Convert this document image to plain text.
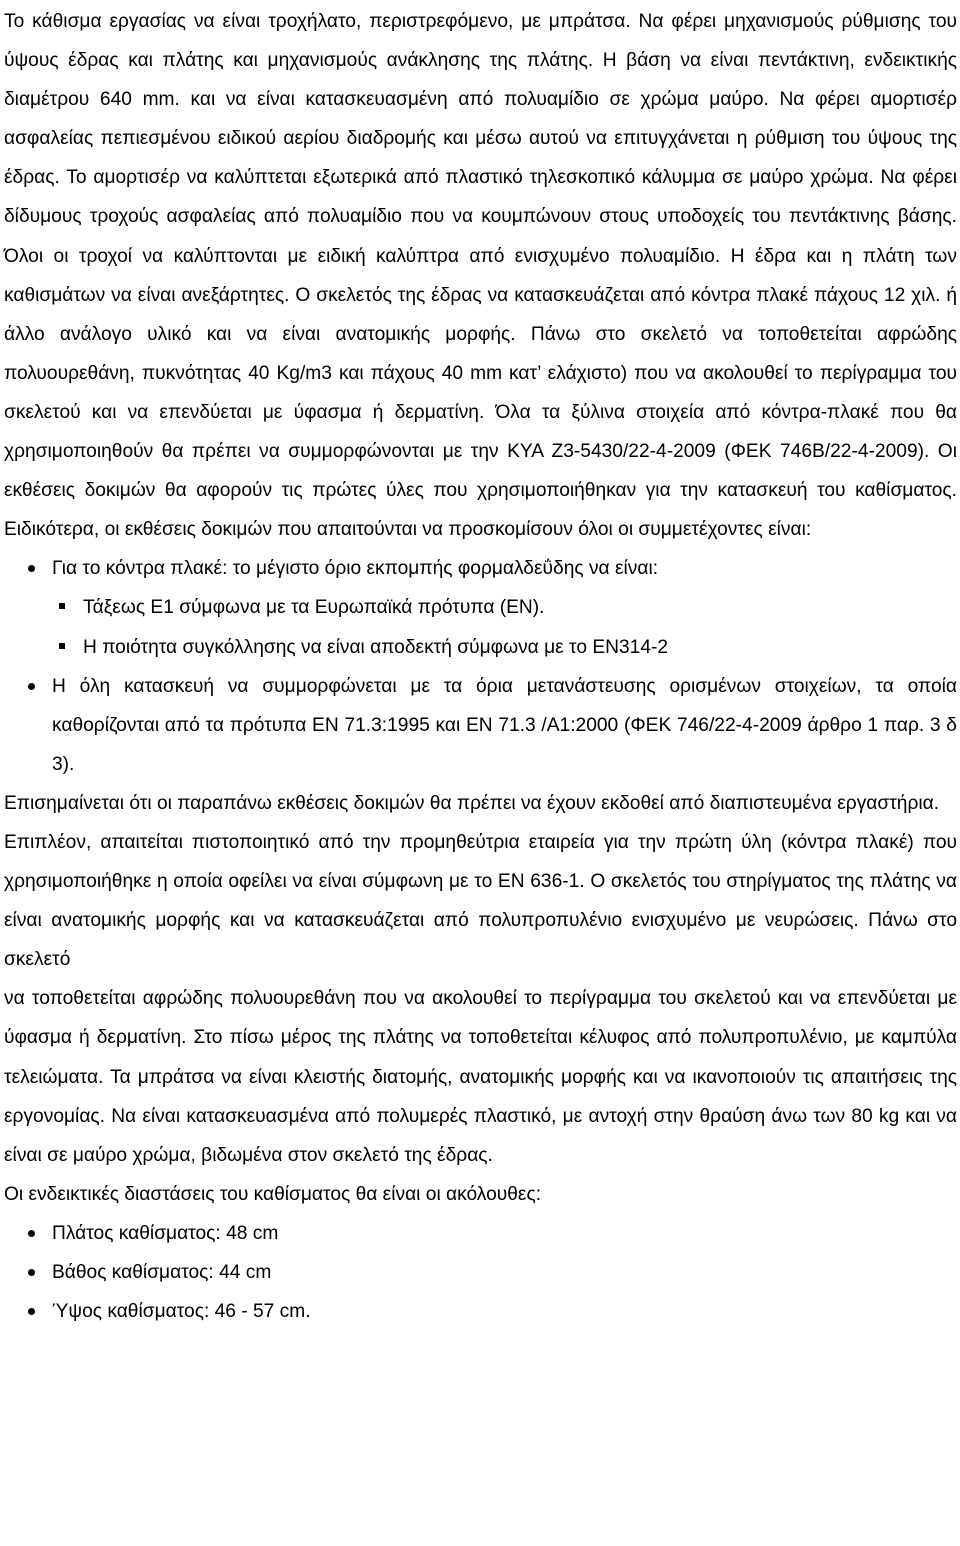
Το κάθισμα εργασίας να είναι τροχήλατο, περιστρεφόμενο, με μπράτσα. Να φέρει μηχανισμούς ρύθμισης του ύψους έδρας και πλάτης και μηχανισμούς ανάκλησης της πλάτης. Η βάση να είναι πεντάκτινη, ενδεικτικής διαμέτρου 640 mm. και να είναι κατασκευασμένη από πολυαμίδιο σε χρώμα μαύρο. Να φέρει αμορτισέρ ασφαλείας πεπιεσμένου ειδικού αερίου διαδρομής και μέσω αυτού να επιτυγχάνεται η ρύθμιση του ύψους της έδρας. Το αμορτισέρ να καλύπτεται εξωτερικά από πλαστικό τηλεσκοπικό κάλυμμα σε μαύρο χρώμα. Να φέρει δίδυμους τροχούς ασφαλείας από πολυαμίδιο που να κουμπώνουν στους υποδοχείς του πεντάκτινης βάσης. Όλοι οι τροχοί να καλύπτονται με ειδική καλύπτρα από ενισχυμένο πολυαμίδιο. Η έδρα και η πλάτη των καθισμάτων να είναι ανεξάρτητες. Ο σκελετός της έδρας να κατασκευάζεται από κόντρα πλακέ πάχους 12 χιλ. ή άλλο ανάλογο υλικό και να είναι ανατομικής μορφής. Πάνω στο σκελετό να τοποθετείται αφρώδης πολυουρεθάνη, πυκνότητας 40 Kg/m3 και πάχους 40 mm κατ’ ελάχιστο) που να ακολουθεί το περίγραμμα του σκελετού και να επενδύεται με ύφασμα ή δερματίνη. Όλα τα ξύλινα στοιχεία από κόντρα-πλακέ που θα χρησιμοποιηθούν θα πρέπει να συμμορφώνονται με την ΚΥΑ Ζ3-5430/22-4-2009 (ΦΕΚ 746Β/22-4-2009). Οι εκθέσεις δοκιμών θα αφορούν τις πρώτες ύλες που χρησιμοποιήθηκαν για την κατασκευή του καθίσματος. Ειδικότερα, οι εκθέσεις δοκιμών που απαιτούνται να προσκομίσουν όλοι οι συμμετέχοντες είναι:

Για το κόντρα πλακέ: το μέγιστο όριο εκπομπής φορμαλδεΰδης να είναι:
Τάξεως Ε1 σύμφωνα με τα Ευρωπαϊκά πρότυπα (ΕΝ).
Η ποιότητα συγκόλλησης να είναι αποδεκτή σύμφωνα με το ΕΝ314-2
Η όλη κατασκευή να συμμορφώνεται με τα όρια μετανάστευσης ορισμένων στοιχείων, τα οποία καθορίζονται από τα πρότυπα ΕΝ 71.3:1995 και ΕΝ 71.3 /Α1:2000 (ΦΕΚ 746/22-4-2009 άρθρο 1 παρ. 3 δ 3).

Επισημαίνεται ότι οι παραπάνω εκθέσεις δοκιμών θα πρέπει να έχουν εκδοθεί από διαπιστευμένα εργαστήρια.

Επιπλέον, απαιτείται πιστοποιητικό από την προμηθεύτρια εταιρεία για την πρώτη ύλη (κόντρα πλακέ) που χρησιμοποιήθηκε η οποία οφείλει να είναι σύμφωνη με το ΕΝ 636-1. Ο σκελετός του στηρίγματος της πλάτης να είναι ανατομικής μορφής και να κατασκευάζεται από πολυπροπυλένιο ενισχυμένο με νευρώσεις. Πάνω στο σκελετό

να τοποθετείται αφρώδης πολυουρεθάνη που να ακολουθεί το περίγραμμα του σκελετού και να επενδύεται με ύφασμα ή δερματίνη. Στο πίσω μέρος της πλάτης να τοποθετείται κέλυφος από πολυπροπυλένιο, με καμπύλα τελειώματα. Τα μπράτσα να είναι κλειστής διατομής, ανατομικής μορφής και να ικανοποιούν τις απαιτήσεις της εργονομίας. Να είναι κατασκευασμένα από πολυμερές πλαστικό, με αντοχή στην θραύση άνω των 80 kg και να είναι σε μαύρο χρώμα, βιδωμένα στον σκελετό της έδρας.

Οι ενδεικτικές διαστάσεις του καθίσματος θα είναι οι ακόλουθες:

Πλάτος καθίσματος: 48 cm
Βάθος καθίσματος: 44 cm
Ύψος καθίσματος: 46 - 57 cm.
